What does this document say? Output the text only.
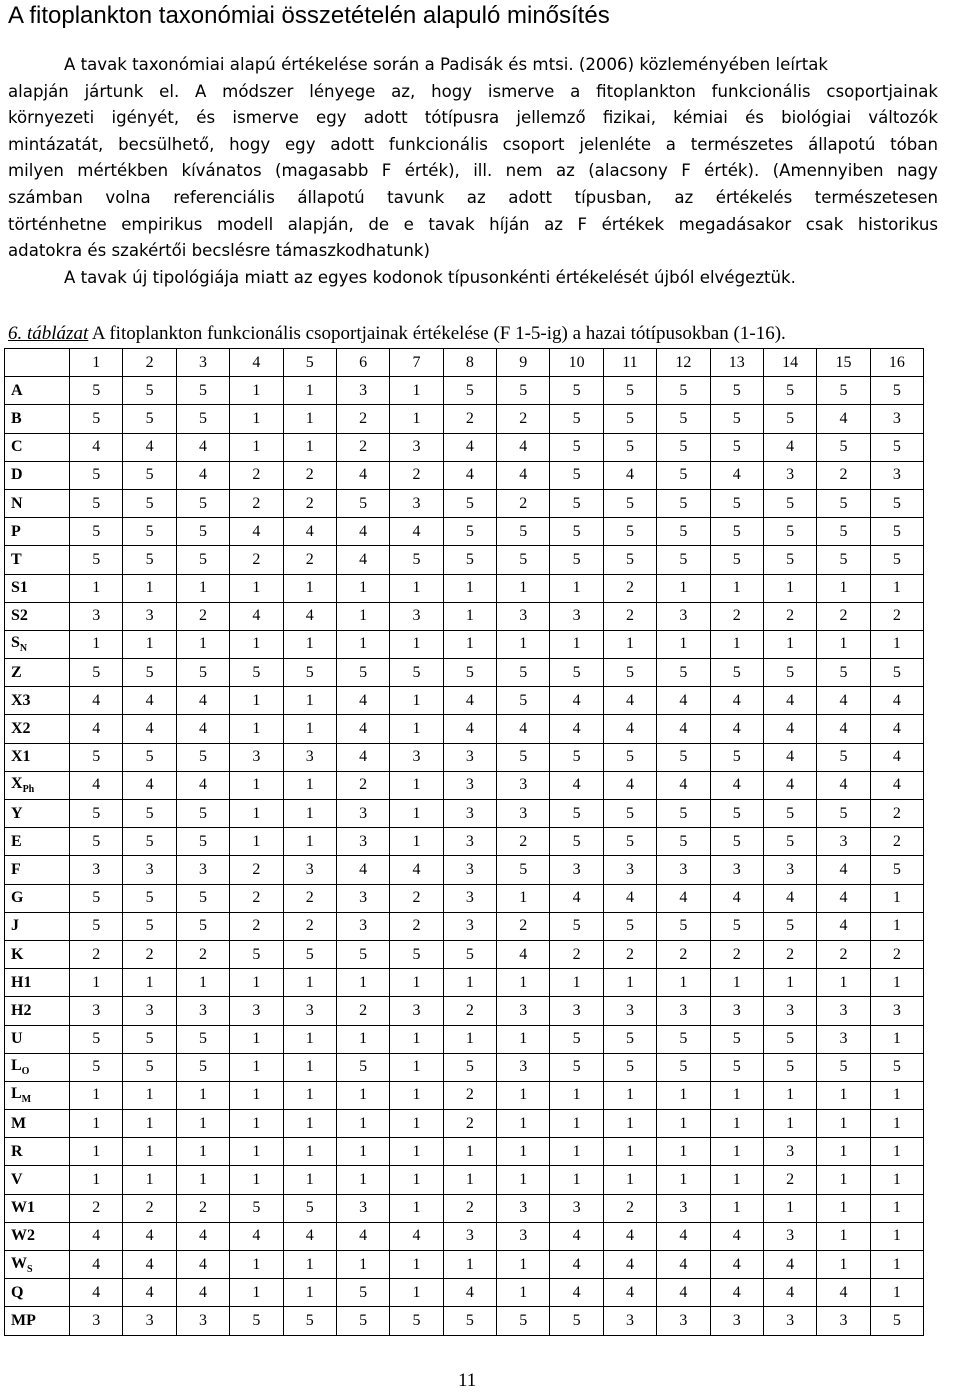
A fitoplankton taxonómiai összetételén alapuló minősítés
A tavak taxonómiai alapú értékelése során a Padisák és mtsi. (2006) közleményében leírtak
alapján jártunk el. A módszer lényege az, hogy ismerve a fitoplankton funkcionális csoportjainak
környezeti igényét, és ismerve egy adott tótípusra jellemző fizikai, kémiai és biológiai változók
mintázatát, becsülhető, hogy egy adott funkcionális csoport jelenléte a természetes állapotú tóban
milyen mértékben kívánatos (magasabb F érték), ill. nem az (alacsony F érték). (Amennyiben nagy
számban volna referenciális állapotú tavunk az adott típusban, az értékelés természetesen
történhetne empirikus modell alapján, de e tavak híján az F értékek megadásakor csak historikus
adatokra és szakértői becslésre támaszkodhatunk)
A tavak új tipológiája miatt az egyes kodonok típusonkénti értékelését újból elvégeztük.
6. táblázat A fitoplankton funkcionális csoportjainak értékelése (F 1-5-ig) a hazai tótípusokban (1-16).
	1	2	3	4	5	6	7	8	9	10	11	12	13	14	15	16
A	5	5	5	1	1	3	1	5	5	5	5	5	5	5	5	5
B	5	5	5	1	1	2	1	2	2	5	5	5	5	5	4	3
C	4	4	4	1	1	2	3	4	4	5	5	5	5	4	5	5
D	5	5	4	2	2	4	2	4	4	5	4	5	4	3	2	3
N	5	5	5	2	2	5	3	5	2	5	5	5	5	5	5	5
P	5	5	5	4	4	4	4	5	5	5	5	5	5	5	5	5
T	5	5	5	2	2	4	5	5	5	5	5	5	5	5	5	5
S1	1	1	1	1	1	1	1	1	1	1	2	1	1	1	1	1
S2	3	3	2	4	4	1	3	1	3	3	2	3	2	2	2	2
$S_N$	1	1	1	1	1	1	1	1	1	1	1	1	1	1	1	1
Z	5	5	5	5	5	5	5	5	5	5	5	5	5	5	5	5
X3	4	4	4	1	1	4	1	4	5	4	4	4	4	4	4	4
X2	4	4	4	1	1	4	1	4	4	4	4	4	4	4	4	4
X1	5	5	5	3	3	4	3	3	5	5	5	5	5	4	5	4
$X_{Ph}$	4	4	4	1	1	2	1	3	3	4	4	4	4	4	4	4
Y	5	5	5	1	1	3	1	3	3	5	5	5	5	5	5	2
E	5	5	5	1	1	3	1	3	2	5	5	5	5	5	3	2
F	3	3	3	2	3	4	4	3	5	3	3	3	3	3	4	5
G	5	5	5	2	2	3	2	3	1	4	4	4	4	4	4	1
J	5	5	5	2	2	3	2	3	2	5	5	5	5	5	4	1
K	2	2	2	5	5	5	5	5	4	2	2	2	2	2	2	2
H1	1	1	1	1	1	1	1	1	1	1	1	1	1	1	1	1
H2	3	3	3	3	3	2	3	2	3	3	3	3	3	3	3	3
U	5	5	5	1	1	1	1	1	1	5	5	5	5	5	3	1
$L_O$	5	5	5	1	1	5	1	5	3	5	5	5	5	5	5	5
$L_M$	1	1	1	1	1	1	1	2	1	1	1	1	1	1	1	1
M	1	1	1	1	1	1	1	2	1	1	1	1	1	1	1	1
R	1	1	1	1	1	1	1	1	1	1	1	1	1	3	1	1
V	1	1	1	1	1	1	1	1	1	1	1	1	1	2	1	1
W1	2	2	2	5	5	3	1	2	3	3	2	3	1	1	1	1
W2	4	4	4	4	4	4	4	3	3	4	4	4	4	3	1	1
$W_S$	4	4	4	1	1	1	1	1	1	4	4	4	4	4	1	1
Q	4	4	4	1	1	5	1	4	1	4	4	4	4	4	4	1
MP	3	3	3	5	5	5	5	5	5	5	3	3	3	3	3	5
11
